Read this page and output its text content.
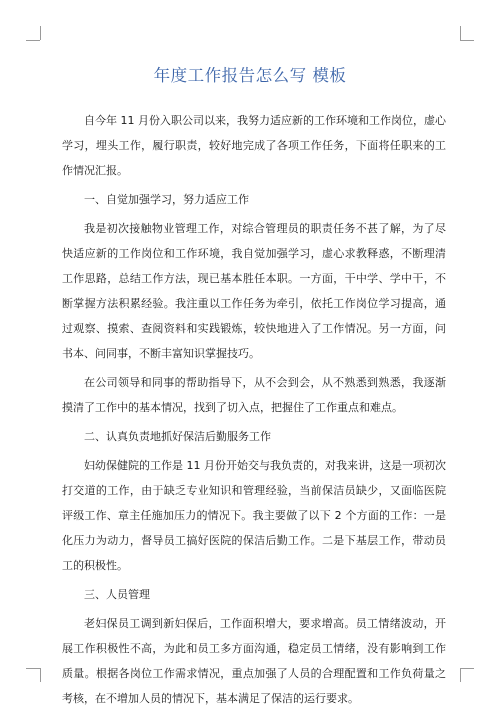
年度工作报告怎么写 模板

自今年 11 月份入职公司以来，我努力适应新的工作环境和工作岗位，虚心学习，埋头工作，履行职责，较好地完成了各项工作任务，下面将任职来的工作情况汇报。

一、自觉加强学习，努力适应工作

我是初次接触物业管理工作，对综合管理员的职责任务不甚了解，为了尽快适应新的工作岗位和工作环境，我自觉加强学习，虚心求教释惑，不断理清工作思路，总结工作方法，现已基本胜任本职。一方面，干中学、学中干，不断掌握方法积累经验。我注重以工作任务为牵引，依托工作岗位学习提高，通过观察、摸索、查阅资料和实践锻炼，较快地进入了工作情况。另一方面，问书本、问同事，不断丰富知识掌握技巧。

在公司领导和同事的帮助指导下，从不会到会，从不熟悉到熟悉，我逐渐摸清了工作中的基本情况，找到了切入点，把握住了工作重点和难点。

二、认真负责地抓好保洁后勤服务工作

妇幼保健院的工作是 11 月份开始交与我负责的，对我来讲，这是一项初次打交道的工作，由于缺乏专业知识和管理经验，当前保洁员缺少，又面临医院评级工作、章主任施加压力的情况下。我主要做了以下 2 个方面的工作：一是化压力为动力，督导员工搞好医院的保洁后勤工作。二是下基层工作，带动员工的积极性。

三、人员管理

老妇保员工调到新妇保后，工作面积增大，要求增高。员工情绪波动，开展工作积极性不高，为此和员工多方面沟通，稳定员工情绪，没有影响到工作质量。根据各岗位工作需求情况，重点加强了人员的合理配置和工作负荷量之考核，在不增加人员的情况下，基本满足了保洁的运行要求。
